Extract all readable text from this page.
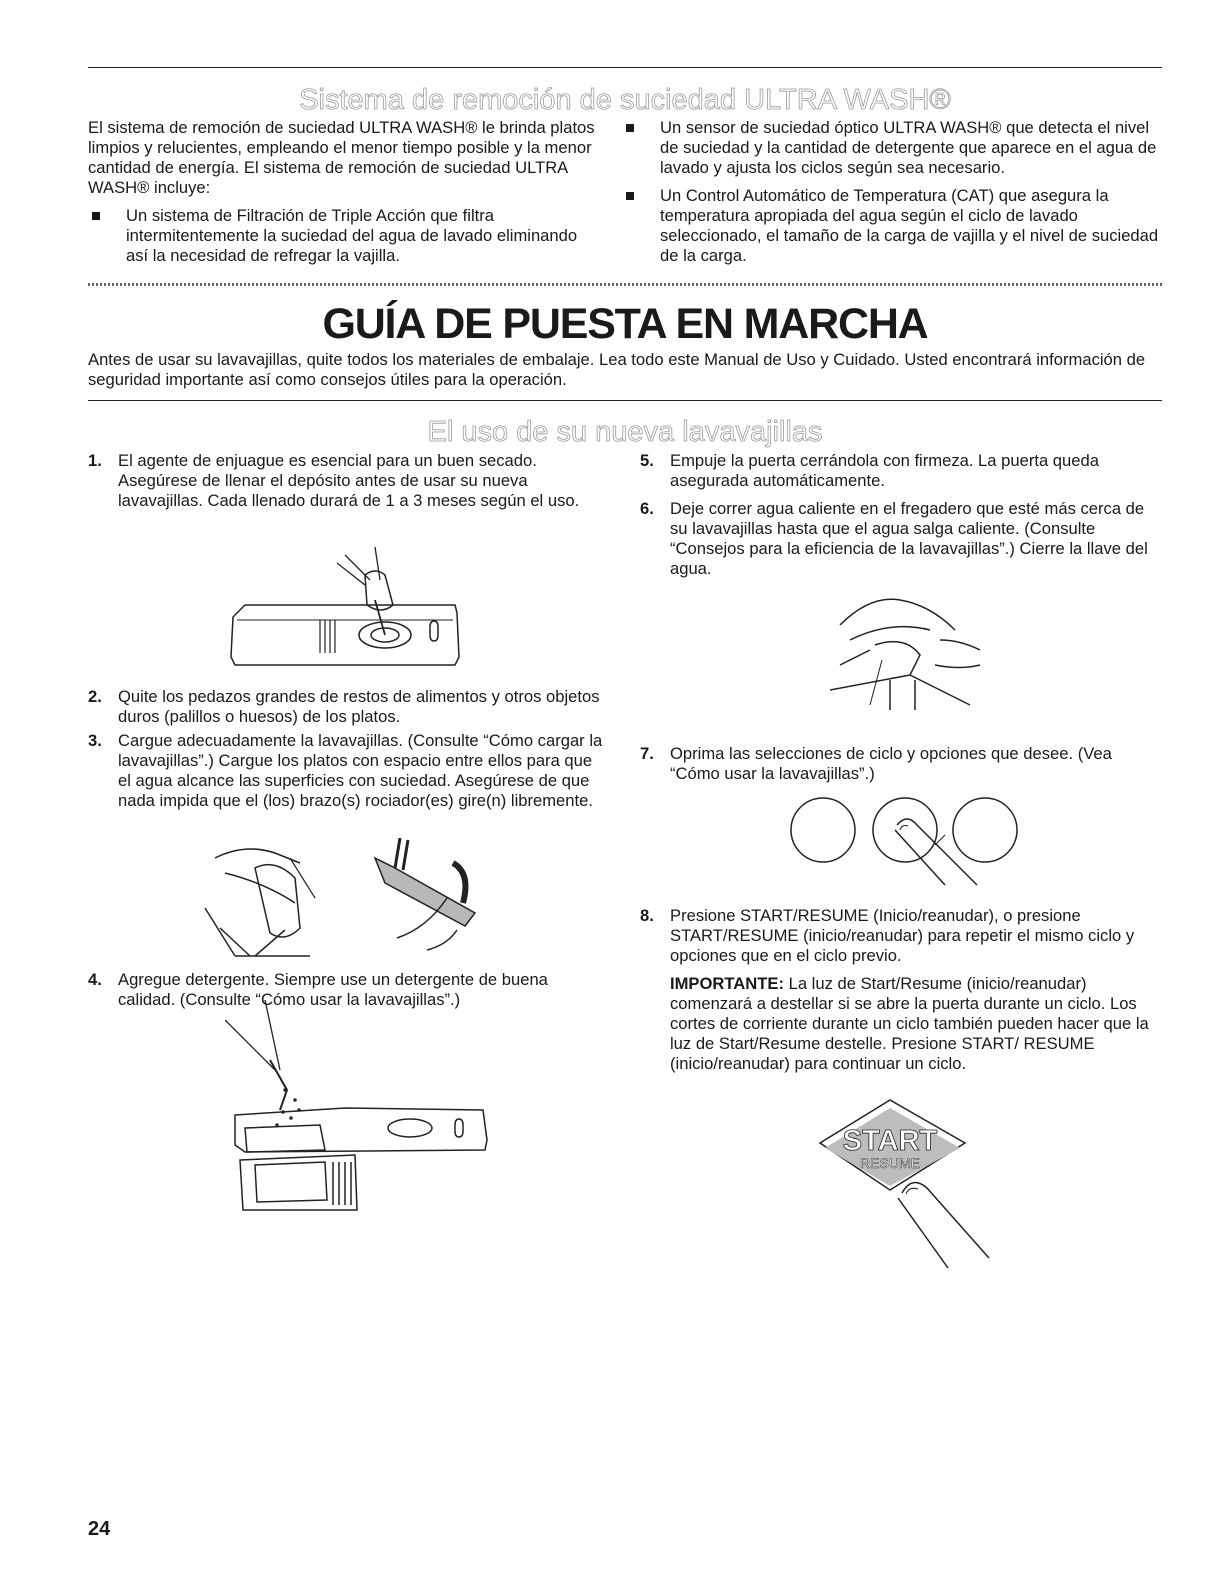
Sistema de remoción de suciedad ULTRA WASH®

El sistema de remoción de suciedad ULTRA WASH® le brinda platos limpios y relucientes, empleando el menor tiempo posible y la menor cantidad de energía. El sistema de remoción de suciedad ULTRA WASH® incluye:

Un sistema de Filtración de Triple Acción que filtra intermitentemente la suciedad del agua de lavado eliminando así la necesidad de refregar la vajilla.

Un sensor de suciedad óptico ULTRA WASH® que detecta el nivel de suciedad y la cantidad de detergente que aparece en el agua de lavado y ajusta los ciclos según sea necesario.

Un Control Automático de Temperatura (CAT) que asegura la temperatura apropiada del agua según el ciclo de lavado seleccionado, el tamaño de la carga de vajilla y el nivel de suciedad de la carga.

GUÍA DE PUESTA EN MARCHA

Antes de usar su lavavajillas, quite todos los materiales de embalaje. Lea todo este Manual de Uso y Cuidado. Usted encontrará información de seguridad importante así como consejos útiles para la operación.

El uso de su nueva lavavajillas
1. El agente de enjuague es esencial para un buen secado. Asegúrese de llenar el depósito antes de usar su nueva lavavajillas. Cada llenado durará de 1 a 3 meses según el uso.

2. Quite los pedazos grandes de restos de alimentos y otros objetos duros (palillos o huesos) de los platos.

3. Cargue adecuadamente la lavavajillas. (Consulte “Cómo cargar la lavavajillas”.) Cargue los platos con espacio entre ellos para que el agua alcance las superficies con suciedad. Asegúrese de que nada impida que el (los) brazo(s) rociador(es) gire(n) libremente.

4. Agregue detergente. Siempre use un detergente de buena calidad. (Consulte “Cómo usar la lavavajillas”.)

5. Empuje la puerta cerrándola con firmeza. La puerta queda asegurada automáticamente.

6. Deje correr agua caliente en el fregadero que esté más cerca de su lavavajillas hasta que el agua salga caliente. (Consulte “Consejos para la eficiencia de la lavavajillas”.) Cierre la llave del agua.

7. Oprima las selecciones de ciclo y opciones que desee. (Vea “Cómo usar la lavavajillas”.)

8. Presione START/RESUME (Inicio/reanudar), o presione START/RESUME (inicio/reanudar) para repetir el mismo ciclo y opciones que en el ciclo previo.

IMPORTANTE: La luz de Start/Resume (inicio/reanudar) comenzará a destellar si se abre la puerta durante un ciclo. Los cortes de corriente durante un ciclo también pueden hacer que la luz de Start/Resume destelle. Presione START/ RESUME (inicio/reanudar) para continuar un ciclo.

START
RESUME
24
